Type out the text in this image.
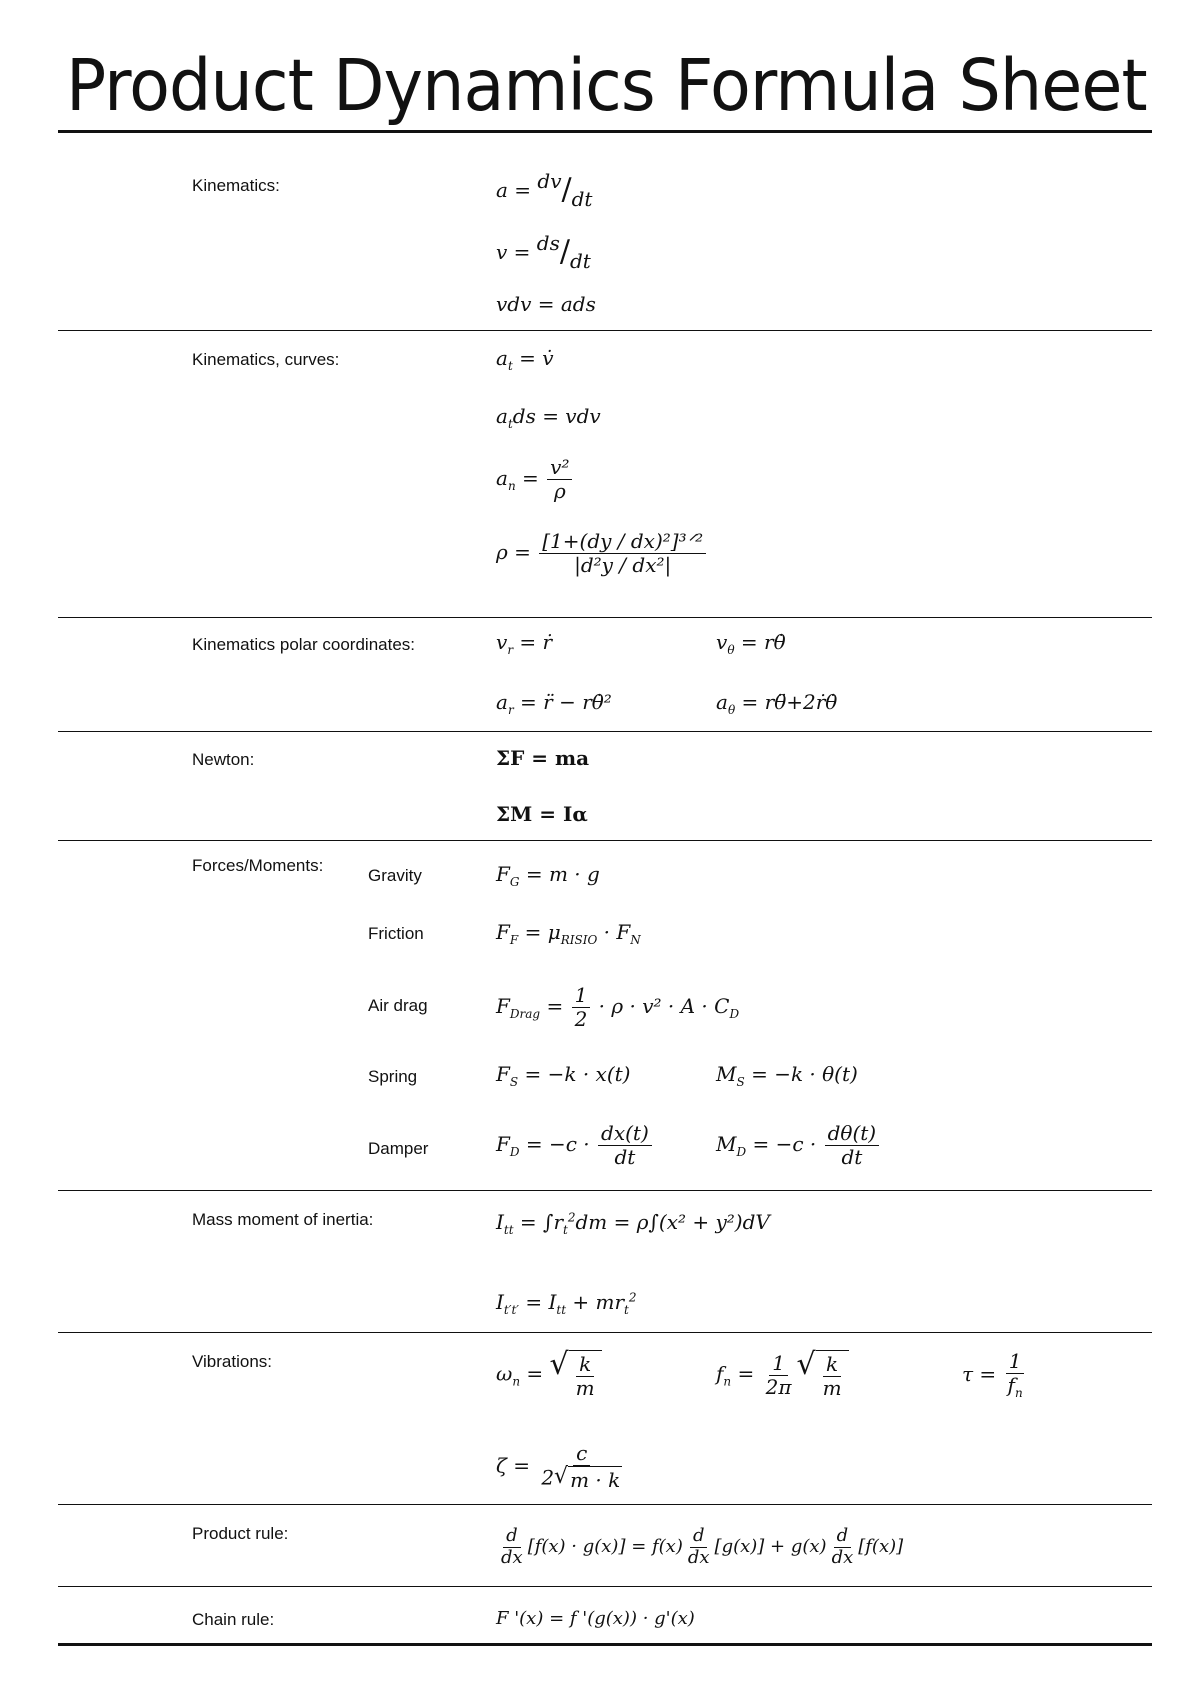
Product Dynamics Formula Sheet
Kinematics:	a = dv/dt
v = ds/dt
vdv = ads
Kinematics, curves:	$a_t$ = v̇
$a_tds$ = vdv
$a_n = \frac{\text{v²}}{\rho}$
$\rho = \frac{\text{[1+(dy / dx)²]³ᐟ²}}{\text{|d²y / dx²|}}$
Kinematics polar coordinates:	$v_r$ = ṙ	$v_\theta$ = rθ̇
$a_r$ = r̈ − rθ̇²	$a_\theta$ = rθ̈+2ṙθ̇
Newton:	ΣF = ma
ΣM = Iα
Forces/Moments:
Gravity	$F_G = m \cdot g$
Friction	$F_F = \mu_{RISIO} \cdot F_N$
Air drag	$F_{Drag} = \frac{1}{2} \cdot \rho \cdot v^2 \cdot A \cdot C_D$
Spring	$F_S = -k \cdot x(t)$	$M_S = -k \cdot \theta(t)$
Damper	$F_D = -c \cdot \frac{dx(t)}{dt}$	$M_D = -c \cdot \frac{d\theta(t)}{dt}$
Mass moment of inertia:	$I_{tt} = \int r_t^2dm = \rho\int(x^2 + y^2)dV$
$I_{t't'} = I_{tt} + mr_t^2$
Vibrations:	$\omega_n$ = √ $\frac{k}{m}$	$f_n = \frac{1}{2\pi}$ √ $\frac{k}{m}$	$\tau = \frac{1}{f_n}$
$\zeta = \frac{c}{2 √ m \cdot k}$
Product rule:	$\frac{d}{dx} [f(x) \cdot g(x)] = f(x) \frac{d}{dx} [g(x)] + g(x) \frac{d}{dx} [f(x)]$
Chain rule:	F '(x) = f '(g(x)) · g'(x)
